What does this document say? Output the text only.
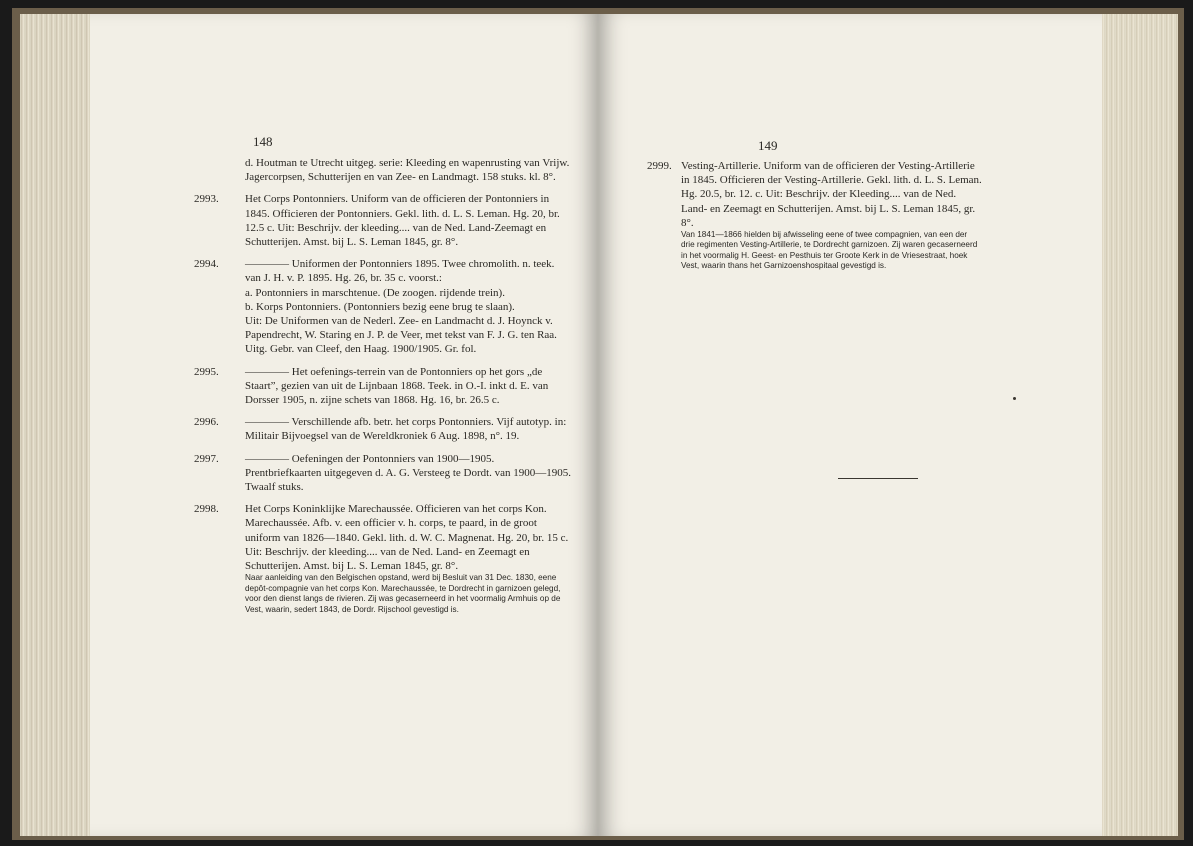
148

d. Houtman te Utrecht uitgeg. serie: Kleeding en wapenrusting van Vrijw. Jagercorpsen, Schutterijen en van Zee- en Landmagt. 158 stuks. kl. 8°.

2993. Het Corps Pontonniers. Uniform van de officieren der Pontonniers in 1845. Officieren der Pontonniers. Gekl. lith. d. L. S. Leman. Hg. 20, br. 12.5 c. Uit: Beschrijv. der kleeding.... van de Ned. Land-Zeemagt en Schutterijen. Amst. bij L. S. Leman 1845, gr. 8°.

2994. ———— Uniformen der Pontonniers 1895. Twee chromolith. n. teek. van J. H. v. P. 1895. Hg. 26, br. 35 c. voorst.:

a. Pontonniers in marschtenue. (De zoogen. rijdende trein).

b. Korps Pontonniers. (Pontonniers bezig eene brug te slaan).

Uit: De Uniformen van de Nederl. Zee- en Landmacht d. J. Hoynck v. Papendrecht, W. Staring en J. P. de Veer, met tekst van F. J. G. ten Raa. Uitg. Gebr. van Cleef, den Haag. 1900/1905. Gr. fol.

2995. ———— Het oefenings-terrein van de Pontonniers op het gors „de Staart”, gezien van uit de Lijnbaan 1868. Teek. in O.-I. inkt d. E. van Dorsser 1905, n. zijne schets van 1868. Hg. 16, br. 26.5 c.

2996. ———— Verschillende afb. betr. het corps Pontonniers. Vijf autotyp. in: Militair Bijvoegsel van de Wereldkroniek 6 Aug. 1898, n°. 19.

2997. ———— Oefeningen der Pontonniers van 1900—1905. Prentbriefkaarten uitgegeven d. A. G. Versteeg te Dordt. van 1900—1905. Twaalf stuks.

2998. Het Corps Koninklijke Marechaussée. Officieren van het corps Kon. Marechaussée. Afb. v. een officier v. h. corps, te paard, in de groot uniform van 1826—1840. Gekl. lith. d. W. C. Magnenat. Hg. 20, br. 15 c. Uit: Beschrijv. der kleeding.... van de Ned. Land- en Zeemagt en Schutterijen. Amst. bij L. S. Leman 1845, gr. 8°.

Naar aanleiding van den Belgischen opstand, werd bij Besluit van 31 Dec. 1830, eene depôt-compagnie van het corps Kon. Marechaussée, te Dordrecht in garnizoen gelegd, voor den dienst langs de rivieren. Zij was gecaserneerd in het voormalig Armhuis op de Vest, waarin, sedert 1843, de Dordr. Rijschool gevestigd is.

149
2999. Vesting-Artillerie. Uniform van de officieren der Vesting-Artillerie in 1845. Officieren der Vesting-Artillerie. Gekl. lith. d. L. S. Leman. Hg. 20.5, br. 12. c. Uit: Beschrijv. der Kleeding.... van de Ned. Land- en Zeemagt en Schutterijen. Amst. bij L. S. Leman 1845, gr. 8°.

Van 1841—1866 hielden bij afwisseling eene of twee compagnien, van een der drie regimenten Vesting-Artillerie, te Dordrecht garnizoen. Zij waren gecaserneerd in het voormalig H. Geest- en Pesthuis ter Groote Kerk in de Vriesestraat, hoek Vest, waarin thans het Garnizoenshospitaal gevestigd is.
